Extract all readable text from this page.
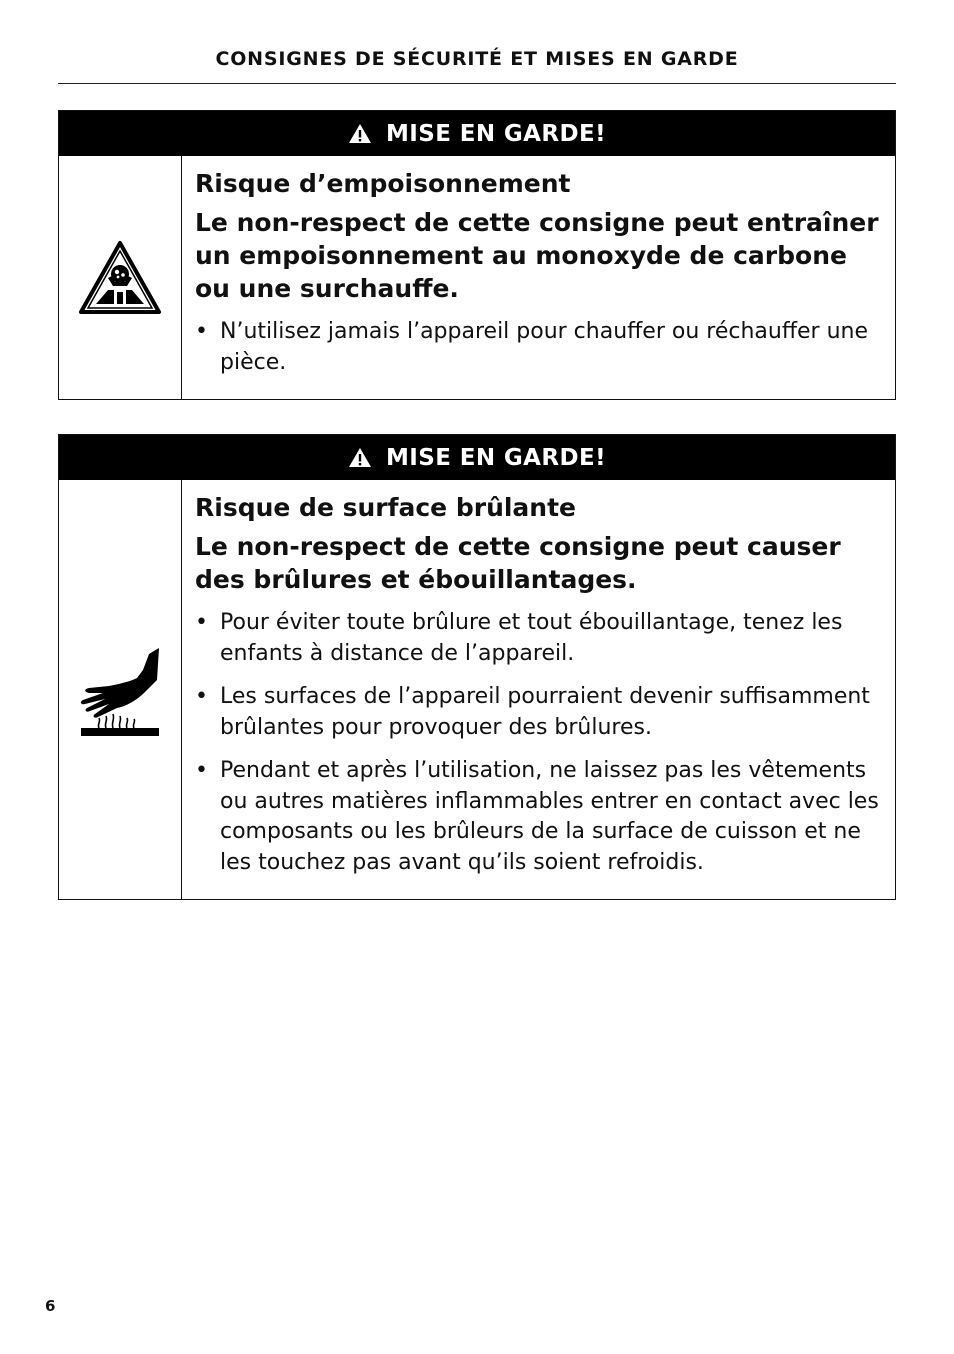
CONSIGNES DE SÉCURITÉ ET MISES EN GARDE
MISE EN GARDE!
Risque d’empoisonnement
Le non-respect de cette consigne peut entraîner un empoisonnement au monoxyde de carbone ou une surchauffe.
• N’utilisez jamais l’appareil pour chauffer ou réchauffer une pièce.
MISE EN GARDE!
Risque de surface brûlante
Le non-respect de cette consigne peut causer des brûlures et ébouillantages.
• Pour éviter toute brûlure et tout ébouillantage, tenez les enfants à distance de l’appareil.
• Les surfaces de l’appareil pourraient devenir suffisamment brûlantes pour provoquer des brûlures.
• Pendant et après l’utilisation, ne laissez pas les vêtements ou autres matières inflammables entrer en contact avec les composants ou les brûleurs de la surface de cuisson et ne les touchez pas avant qu’ils soient refroidis.
6
